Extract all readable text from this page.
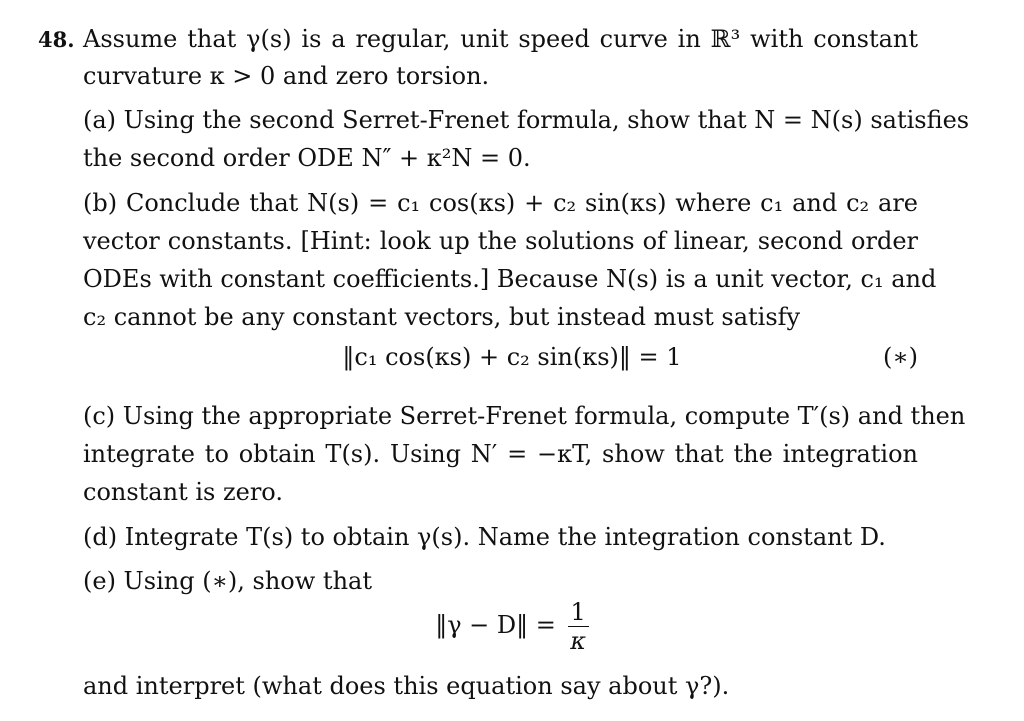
48. Assume that γ(s) is a regular, unit speed curve in ℝ³ with constant
curvature κ > 0 and zero torsion.
(a) Using the second Serret-Frenet formula, show that N = N(s) satisfies
the second order ODE N″ + κ²N = 0.
(b) Conclude that N(s) = c₁ cos(κs) + c₂ sin(κs) where c₁ and c₂ are
vector constants. [Hint: look up the solutions of linear, second order
ODEs with constant coefficients.] Because N(s) is a unit vector, c₁ and
c₂ cannot be any constant vectors, but instead must satisfy
‖c₁ cos(κs) + c₂ sin(κs)‖ = 1	(∗)
(c) Using the appropriate Serret-Frenet formula, compute T′(s) and then
integrate to obtain T(s). Using N′ = −κT, show that the integration
constant is zero.
(d) Integrate T(s) to obtain γ(s). Name the integration constant D.
(e) Using (∗), show that
‖γ − D‖ = $\frac{1}{\kappa}$
and interpret (what does this equation say about γ?).
